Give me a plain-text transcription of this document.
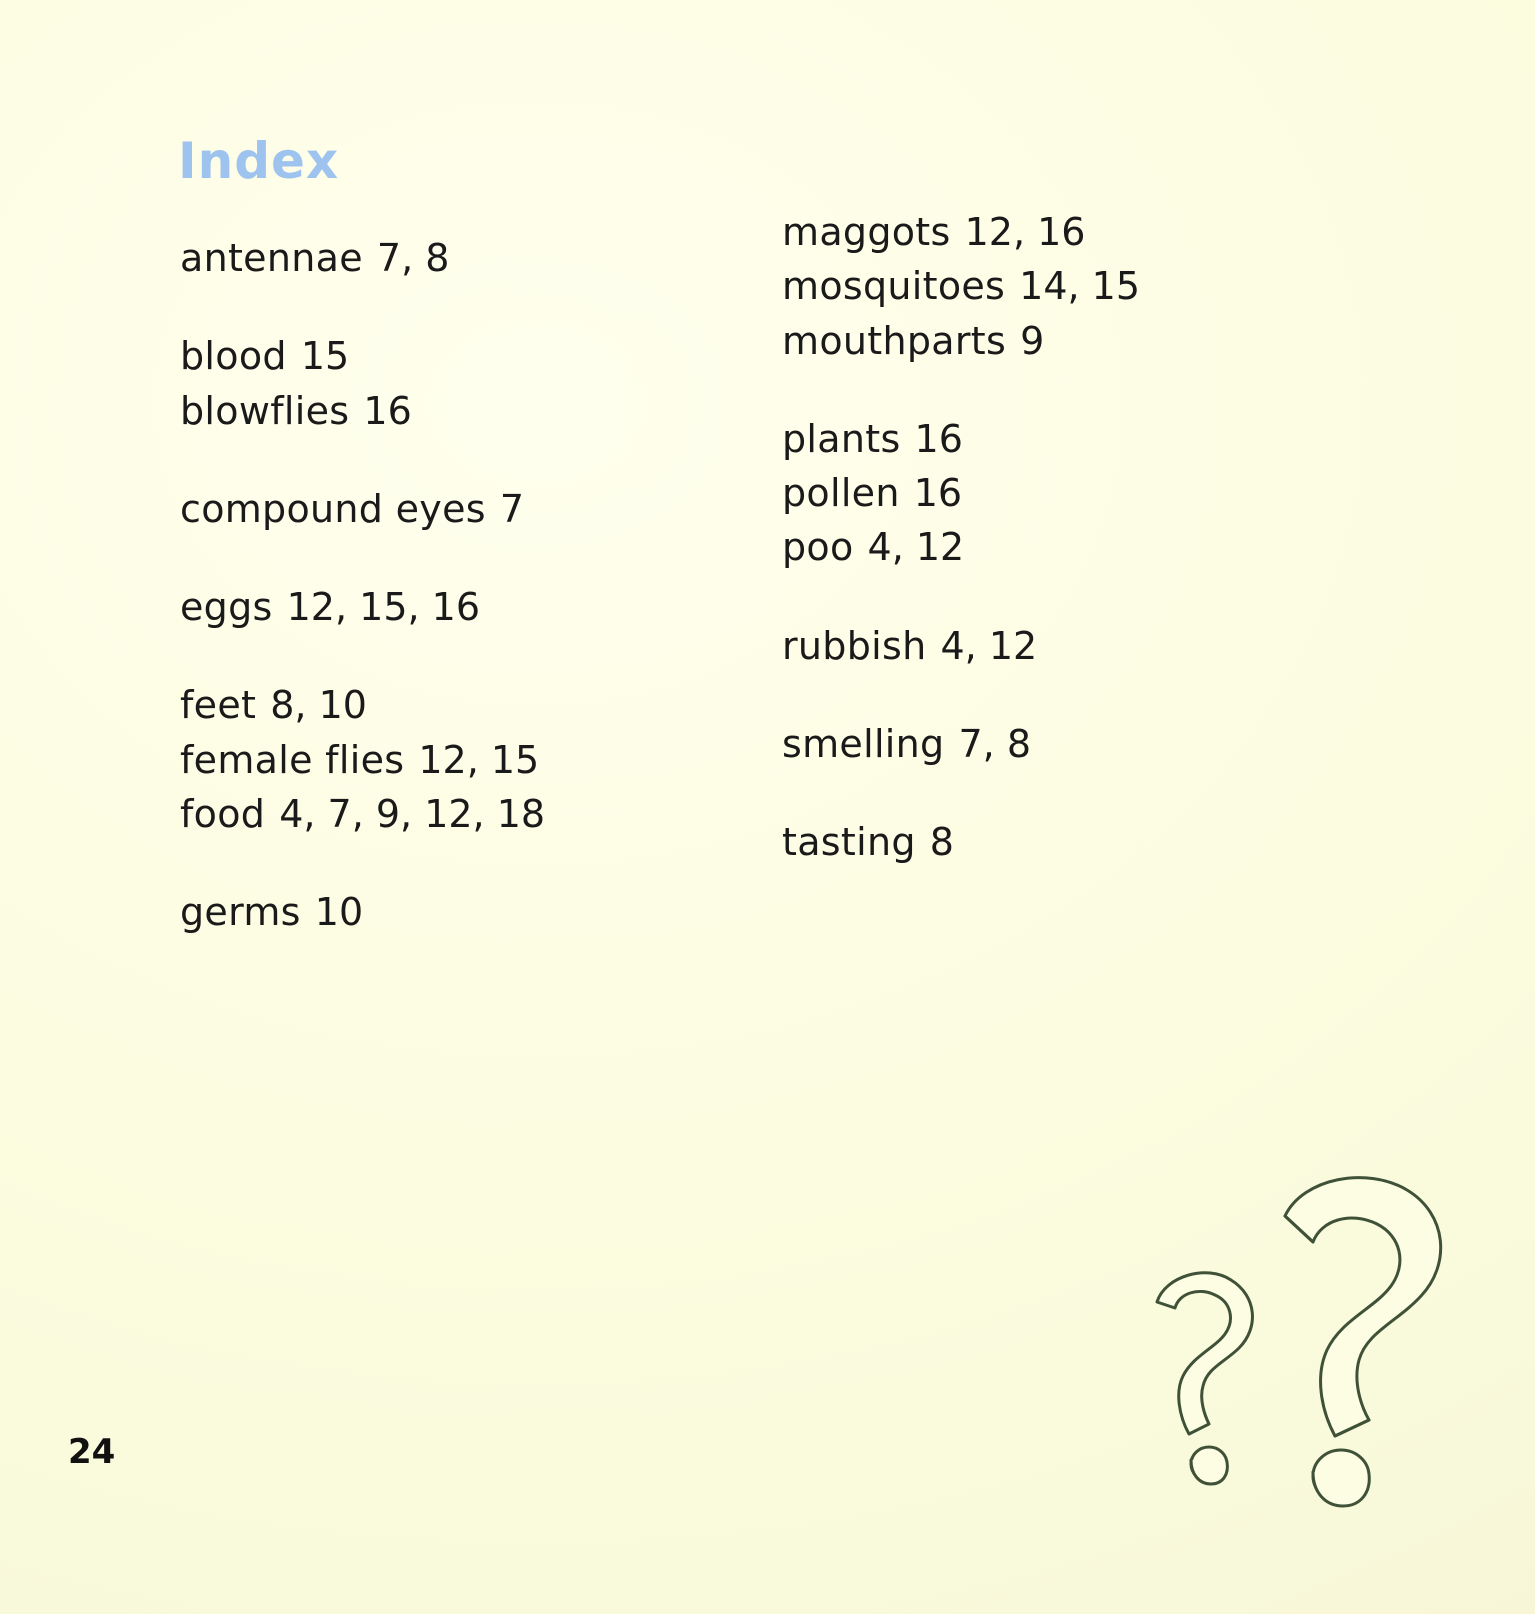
Index
antennae 7, 8
blood 15
blowflies 16
compound eyes 7
eggs 12, 15, 16
feet 8, 10
female flies 12, 15
food 4, 7, 9, 12, 18
germs 10
maggots 12, 16
mosquitoes 14, 15
mouthparts 9
plants 16
pollen 16
poo 4, 12
rubbish 4, 12
smelling 7, 8
tasting 8
24
